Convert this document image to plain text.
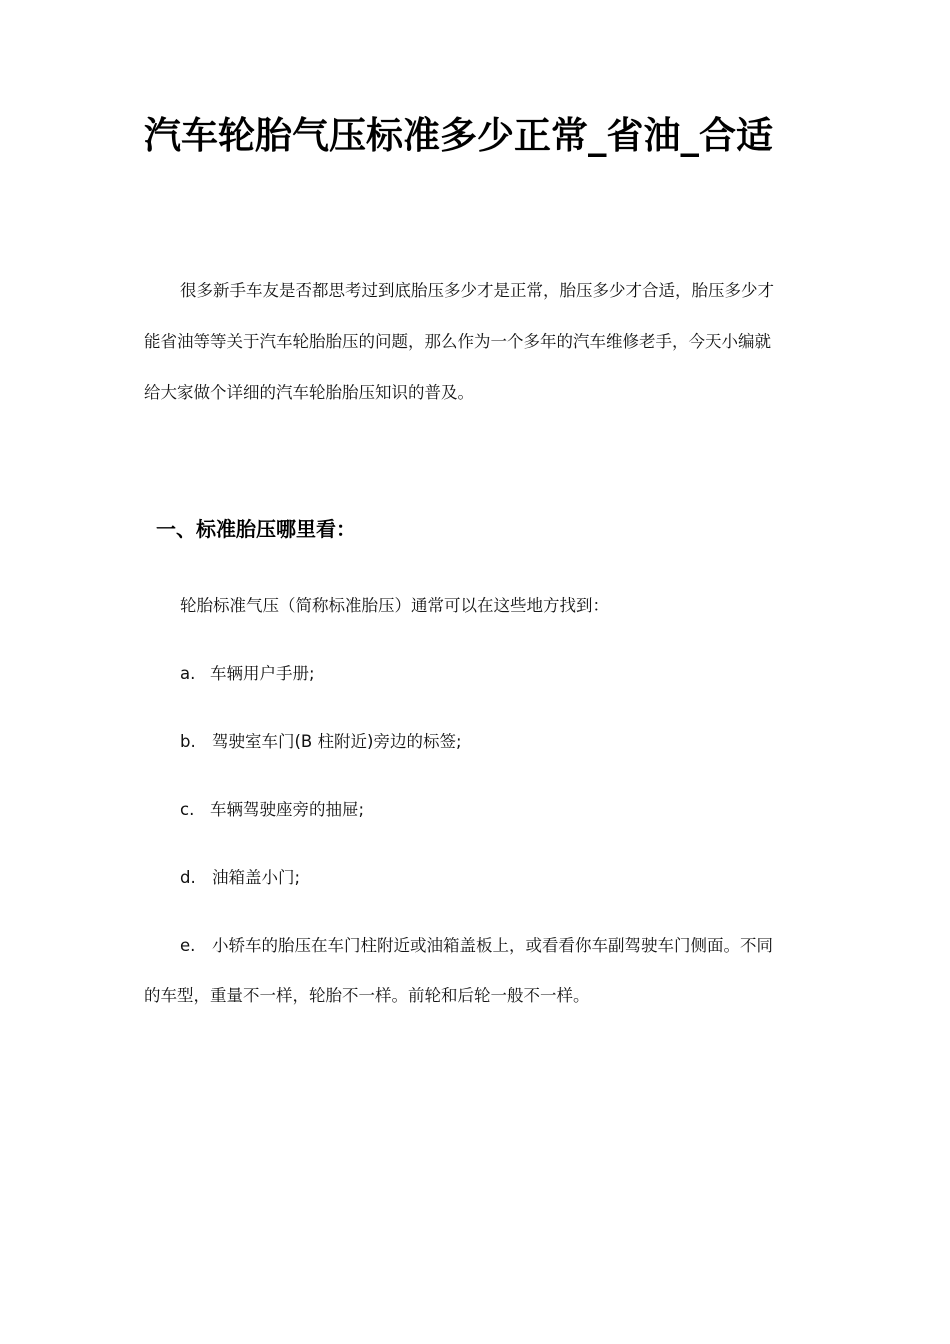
汽车轮胎气压标准多少正常_省油_合适
很多新手车友是否都思考过到底胎压多少才是正常，胎压多少才合适，胎压多少才
能省油等等关于汽车轮胎胎压的问题，那么作为一个多年的汽车维修老手，今天小编就
给大家做个详细的汽车轮胎胎压知识的普及。
一、标准胎压哪里看：
轮胎标准气压（简称标准胎压）通常可以在这些地方找到：
a. 车辆用户手册;
b. 驾驶室车门(B 柱附近)旁边的标签;
c. 车辆驾驶座旁的抽屉;
d. 油箱盖小门;
e. 小轿车的胎压在车门柱附近或油箱盖板上，或看看你车副驾驶车门侧面。不同
的车型，重量不一样，轮胎不一样。前轮和后轮一般不一样。
